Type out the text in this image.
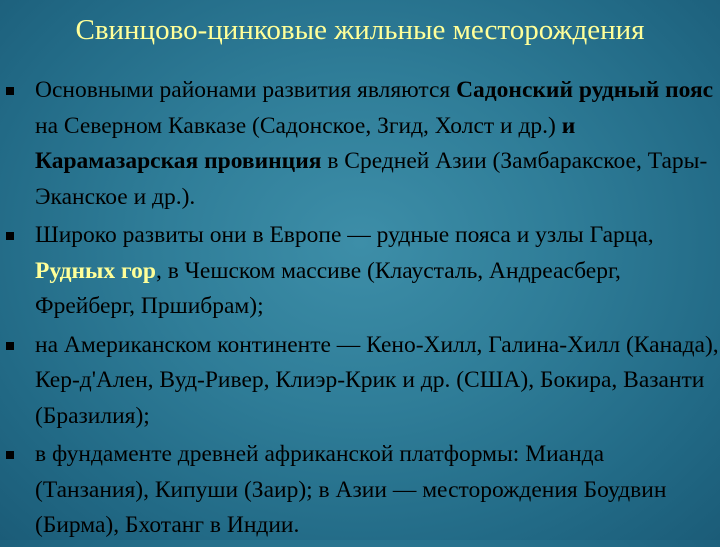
Свинцово-цинковые жильные месторождения
Основными районами развития являются Садонский рудный пояс на Северном Кавказе (Садонское, Згид, Холст и др.) и Карамазарская провинция в Средней Азии (Замбаракское, Тары-Эканское и др.).
Широко развиты они в Европе — рудные пояса и узлы Гарца, Рудных гор, в Чешском массиве (Клаусталь, Андреасберг, Фрейберг, Пршибрам);
на Американском континенте — Кено-Хилл, Галина-Хилл (Канада), Кер-д'Ален, Вуд-Ривер, Клиэр-Крик и др. (США), Бокира, Вазанти (Бразилия);
в фундаменте древней африканской платформы: Мианда (Танзания), Кипуши (Заир); в Азии — месторождения Боудвин (Бирма), Бхотанг в Индии.
